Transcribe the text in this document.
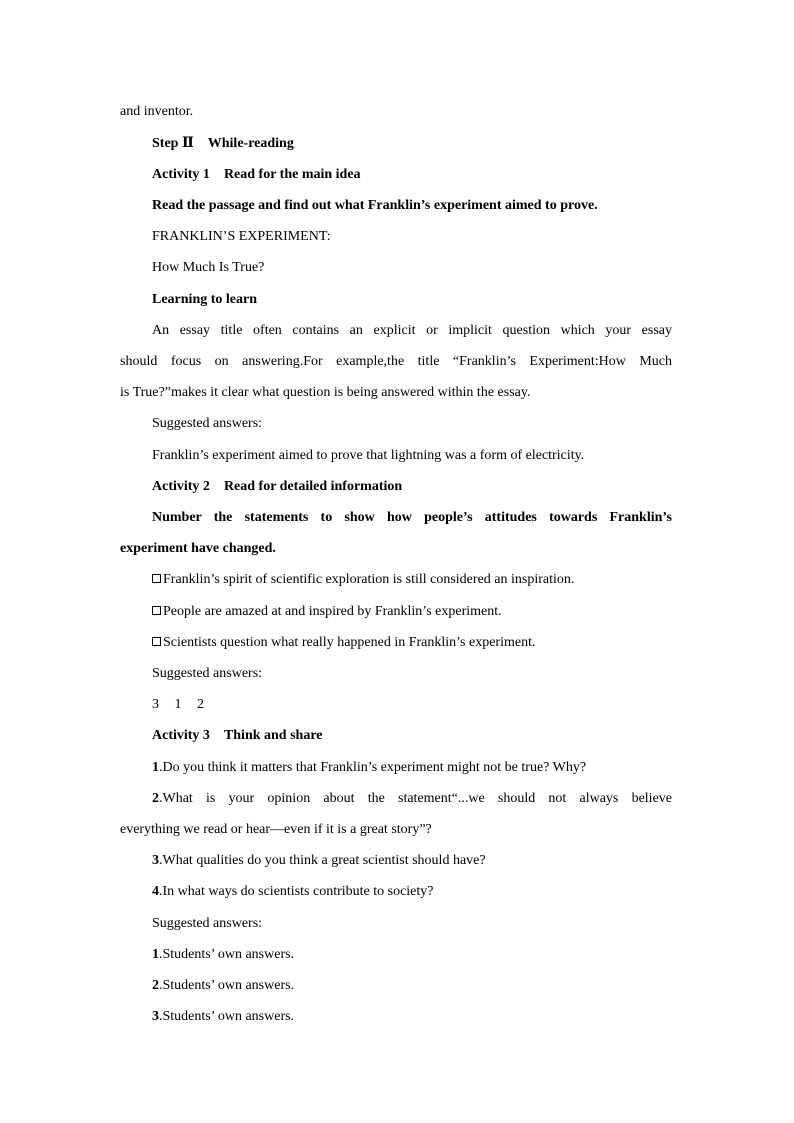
and inventor.
Step Ⅱ While-reading
Activity 1 Read for the main idea
Read the passage and find out what Franklin’s experiment aimed to prove.
FRANKLIN’S EXPERIMENT:
How Much Is True?
Learning to learn
An essay title often contains an explicit or implicit question which your essay
should focus on answering.For example,the title “Franklin’s Experiment:How Much
is True?”makes it clear what question is being answered within the essay.
Suggested answers:
Franklin’s experiment aimed to prove that lightning was a form of electricity.
Activity 2 Read for detailed information
Number the statements to show how people’s attitudes towards Franklin’s
experiment have changed.
Franklin’s spirit of scientific exploration is still considered an inspiration.
People are amazed at and inspired by Franklin’s experiment.
Scientists question what really happened in Franklin’s experiment.
Suggested answers:
3 1 2
Activity 3 Think and share
1.Do you think it matters that Franklin’s experiment might not be true? Why?
2.What is your opinion about the statement“...we should not always believe
everything we read or hear—even if it is a great story”?
3.What qualities do you think a great scientist should have?
4.In what ways do scientists contribute to society?
Suggested answers:
1.Students’ own answers.
2.Students’ own answers.
3.Students’ own answers.
